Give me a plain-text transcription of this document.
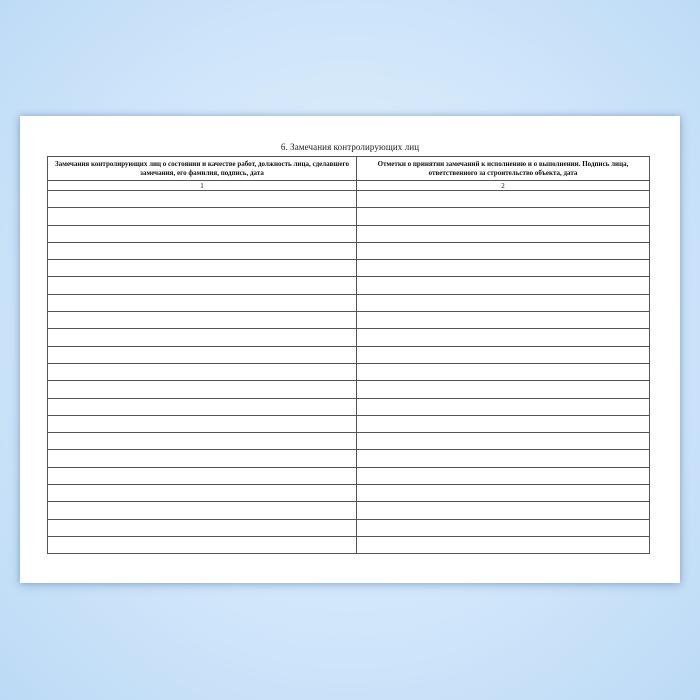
6. Замечания контролирующих лиц
Замечания контролирующих лиц о состоянии и качестве работ, должность лица, сделавшего замечания, его фамилия, подпись, дата	Отметки о принятии замечаний к исполнению и о выполнении. Подпись лица, ответственного за строительство объекта, дата
1	2
